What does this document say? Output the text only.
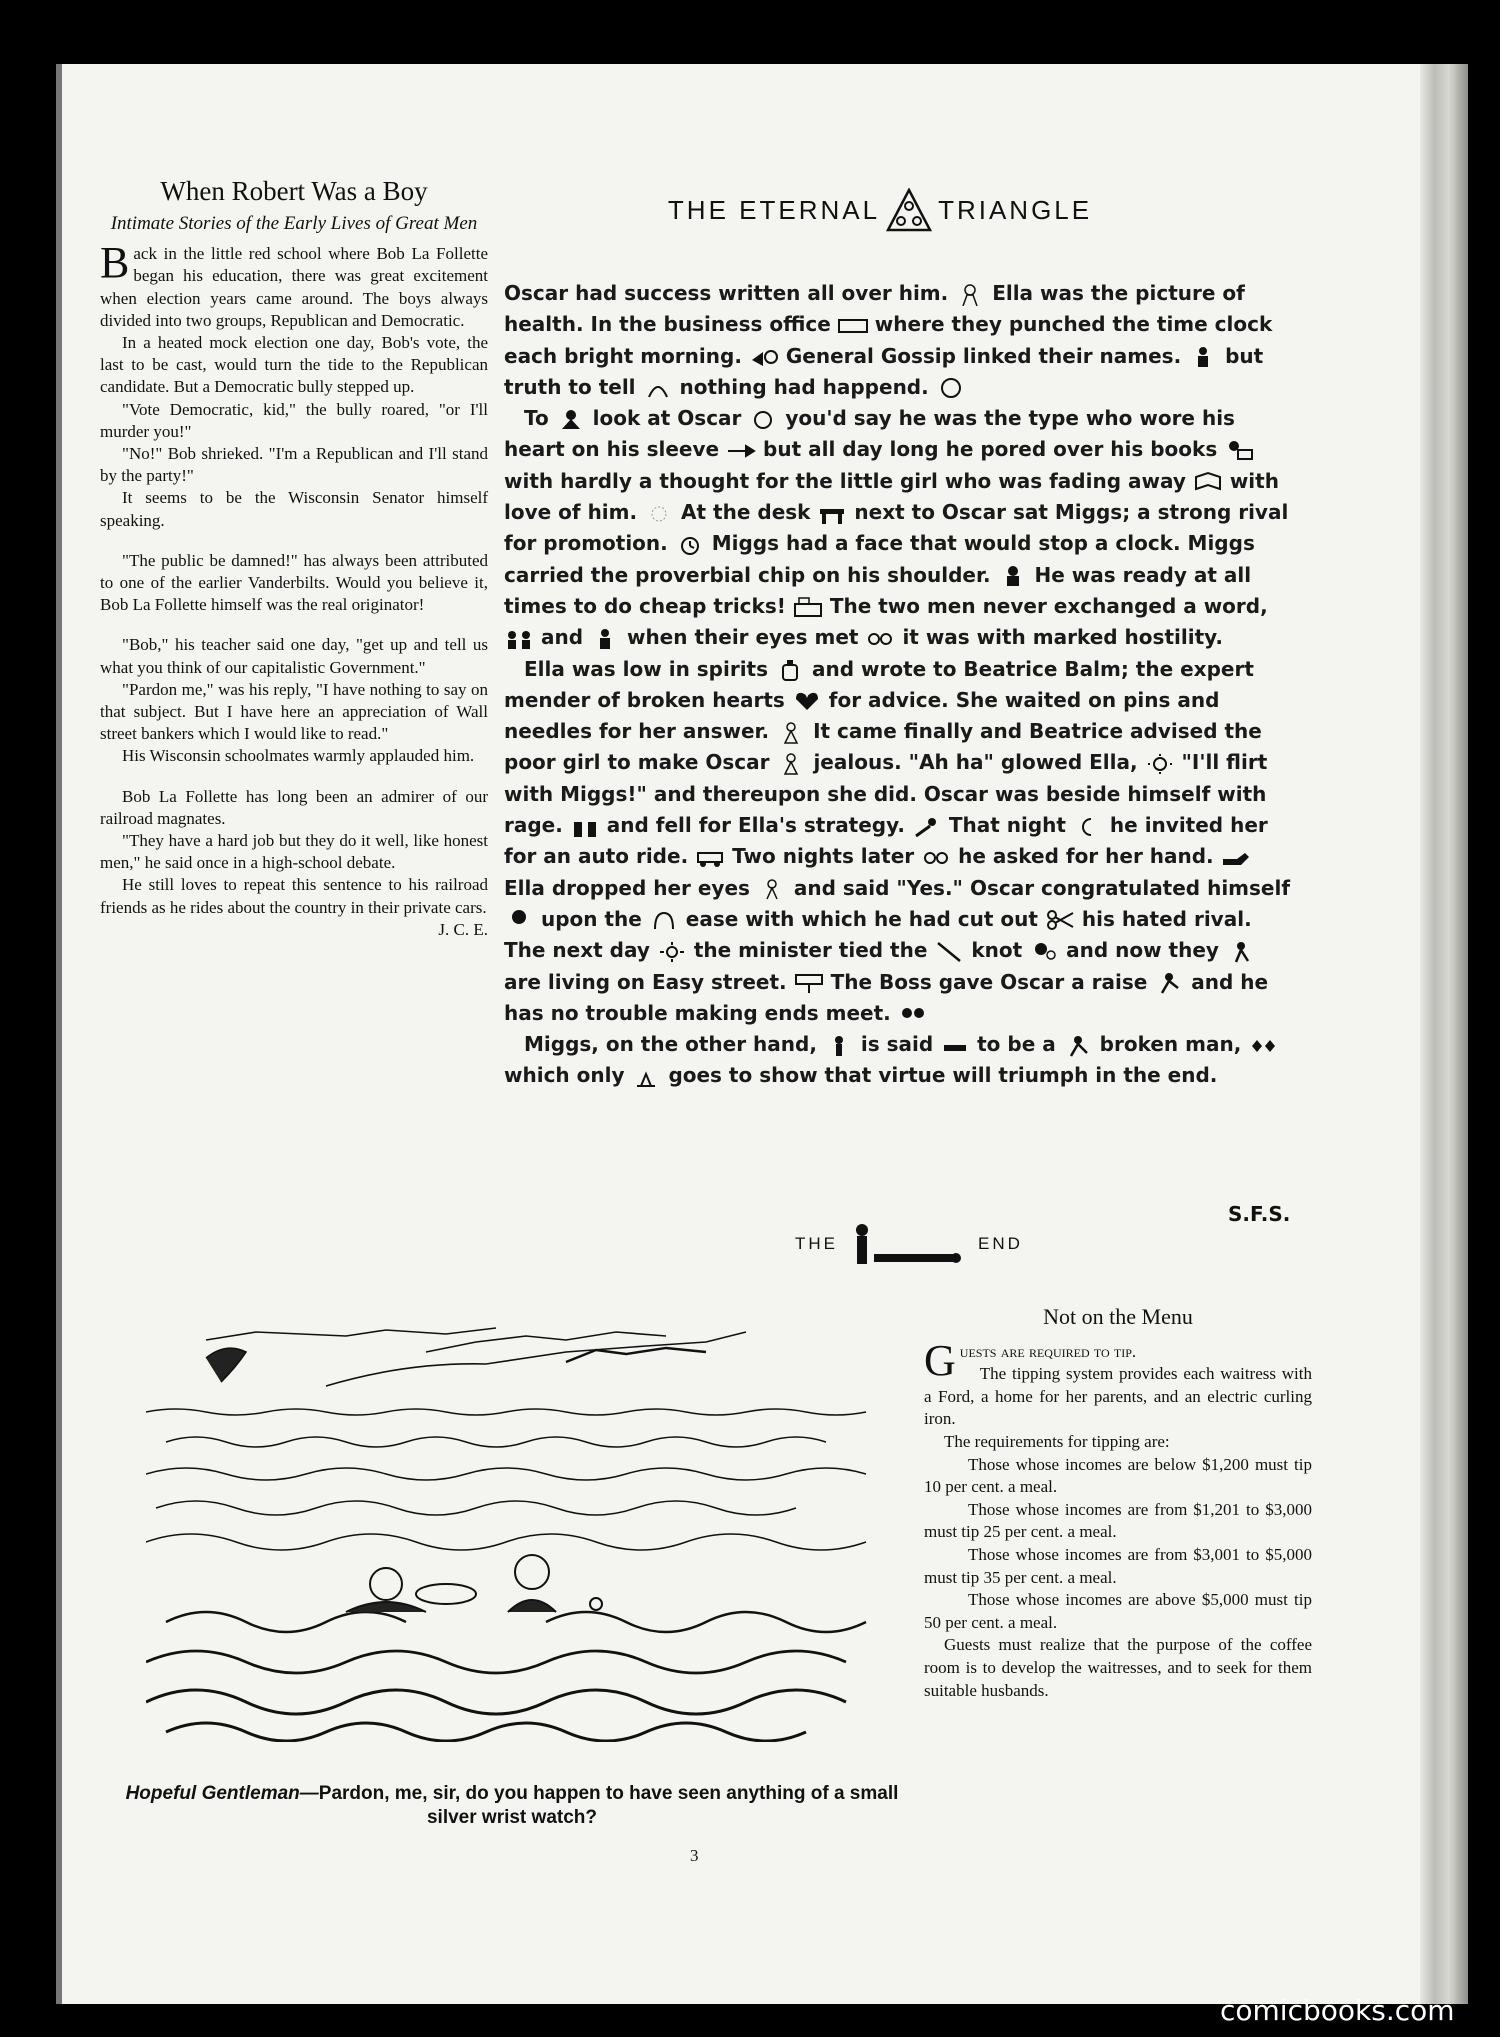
When Robert Was a Boy
Intimate Stories of the Early Lives of Great Men

Back in the little red school where Bob La Follette began his education, there was great excitement when election years came around. The boys always divided into two groups, Republican and Democratic.

In a heated mock election one day, Bob's vote, the last to be cast, would turn the tide to the Republican candidate. But a Democratic bully stepped up.

"Vote Democratic, kid," the bully roared, "or I'll murder you!"

"No!" Bob shrieked. "I'm a Republican and I'll stand by the party!"

It seems to be the Wisconsin Senator himself speaking.

"The public be damned!" has always been attributed to one of the earlier Vanderbilts. Would you believe it, Bob La Follette himself was the real originator!

"Bob," his teacher said one day, "get up and tell us what you think of our capitalistic Government."

"Pardon me," was his reply, "I have nothing to say on that subject. But I have here an appreciation of Wall street bankers which I would like to read."

His Wisconsin schoolmates warmly applauded him.

Bob La Follette has long been an admirer of our railroad magnates.

"They have a hard job but they do it well, like honest men," he said once in a high-school debate.

He still loves to repeat this sentence to his railroad friends as he rides about the country in their private cars.

J. C. E.

THE ETERNAL TRIANGLE

Oscar had success written all over him. Ella was the picture of health. In the business office where they punched the time clock each bright morning. General Gossip linked their names. but truth to tell nothing had happend.

To look at Oscar you'd say he was the type who wore his heart on his sleeve but all day long he pored over his books  with hardly a thought for the little girl who was fading away with love of him. At the desk next to Oscar sat Miggs; a strong rival for promotion. Miggs had a face that would stop a clock. Miggs carried the proverbial chip on his shoulder. He was ready at all times to do cheap tricks! The two men never exchanged a word,  and when their eyes met it was with marked hostility.

Ella was low in spirits and wrote to Beatrice Balm; the expert mender of broken hearts for advice. She waited on pins and needles for her answer. It came finally and Beatrice advised the poor girl to make Oscar jealous. "Ah ha" glowed Ella, "I'll flirt with Miggs!" and thereupon she did. Oscar was beside himself with rage. and fell for Ella's strategy. That night he invited her for an auto ride. Two nights later he asked for her hand.  Ella dropped her eyes and said "Yes." Oscar congratulated himself  upon the ease with which he had cut out his hated rival. The next day the minister tied the knot and now they  are living on Easy street. The Boss gave Oscar a raise and he has no trouble making ends meet.

Miggs, on the other hand, is said to be a broken man,  which only goes to show that virtue will triumph in the end.

S.F.S.
THE	END
Hopeful Gentleman—Pardon, me, sir, do you happen to have seen anything of a small silver wrist watch?
Not on the Menu

Guests are required to tip.

The tipping system provides each waitress with a Ford, a home for her parents, and an electric curling iron.

The requirements for tipping are:

Those whose incomes are below $1,200 must tip 10 per cent. a meal.

Those whose incomes are from $1,201 to $3,000 must tip 25 per cent. a meal.

Those whose incomes are from $3,001 to $5,000 must tip 35 per cent. a meal.

Those whose incomes are above $5,000 must tip 50 per cent. a meal.

Guests must realize that the purpose of the coffee room is to develop the waitresses, and to seek for them suitable husbands.

3
comicbooks.com
